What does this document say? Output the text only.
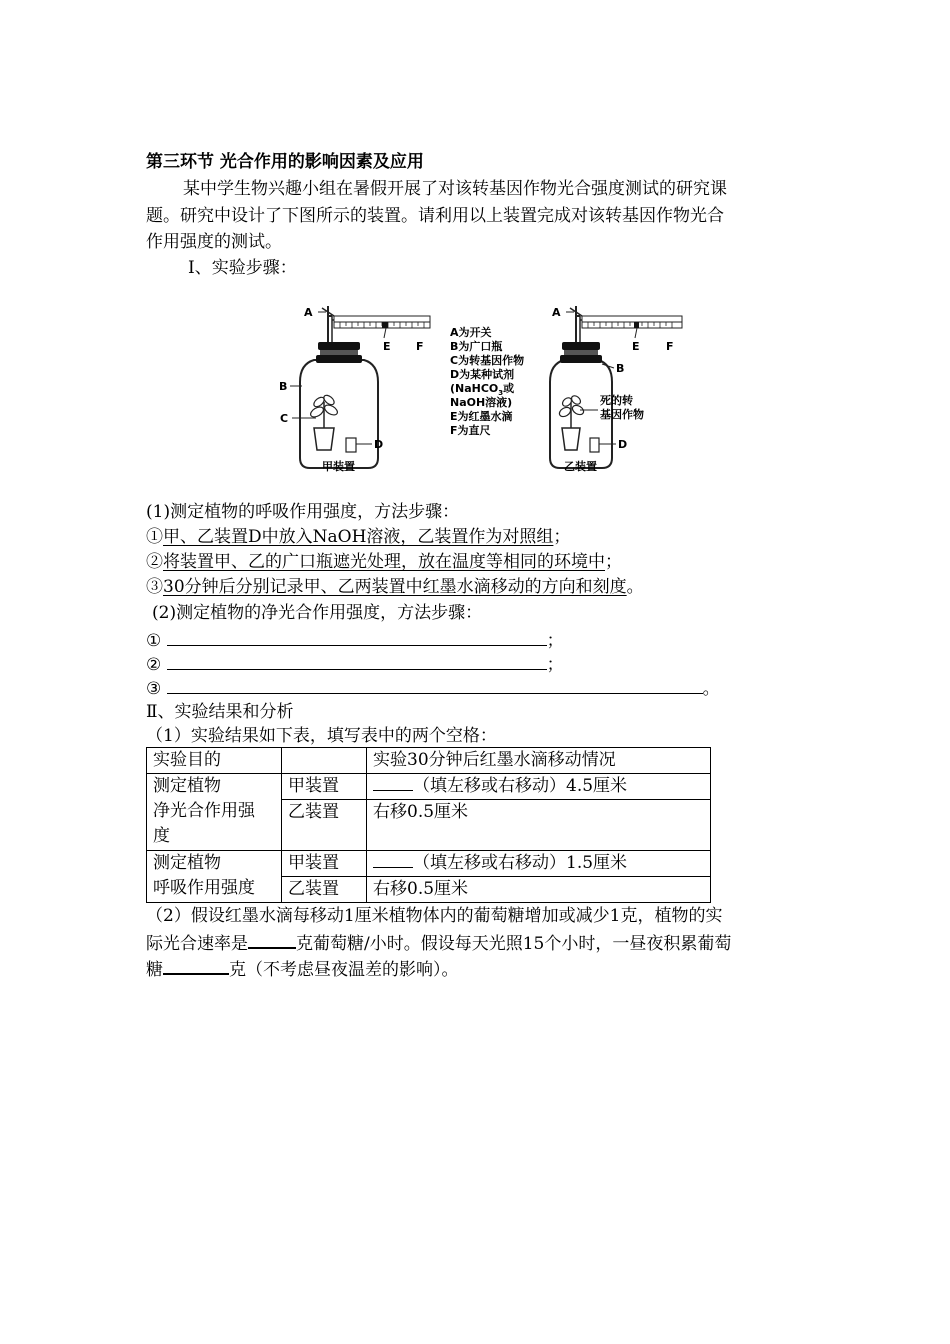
第三环节 光合作用的影响因素及应用
某中学生物兴趣小组在暑假开展了对该转基因作物光合强度测试的研究课
题。研究中设计了下图所示的装置。请利用以上装置完成对该转基因作物光合
作用强度的测试。
Ⅰ、实验步骤：
A
B
C
D
E F
甲装置
A为开关
B为广口瓶
C为转基因作物
D为某种试剂
(NaHCO$_3$或
NaOH溶液)
E为红墨水滴
F为直尺
A
B
D
E F
死的转
基因作物
乙装置
(1)测定植物的呼吸作用强度，方法步骤：
①甲、乙装置D中放入NaOH溶液，乙装置作为对照组；
②将装置甲、乙的广口瓶遮光处理，放在温度等相同的环境中；
③30分钟后分别记录甲、乙两装置中红墨水滴移动的方向和刻度。
(2)测定植物的净光合作用强度，方法步骤：
①	；
②	；
③	。
Ⅱ、实验结果和分析
（1）实验结果如下表，填写表中的两个空格：
实验目的		实验30分钟后红墨水滴移动情况

测定植物
净光合作用强
度	甲装置	（填左移或右移动）4.5厘米
	乙装置	右移0.5厘米

测定植物
呼吸作用强度	甲装置	（填左移或右移动）1.5厘米
	乙装置	右移0.5厘米
（2）假设红墨水滴每移动1厘米植物体内的葡萄糖增加或减少1克，植物的实
际光合速率是	克葡萄糖/小时。假设每天光照15个小时，一昼夜积累葡萄
糖	克（不考虑昼夜温差的影响）。
